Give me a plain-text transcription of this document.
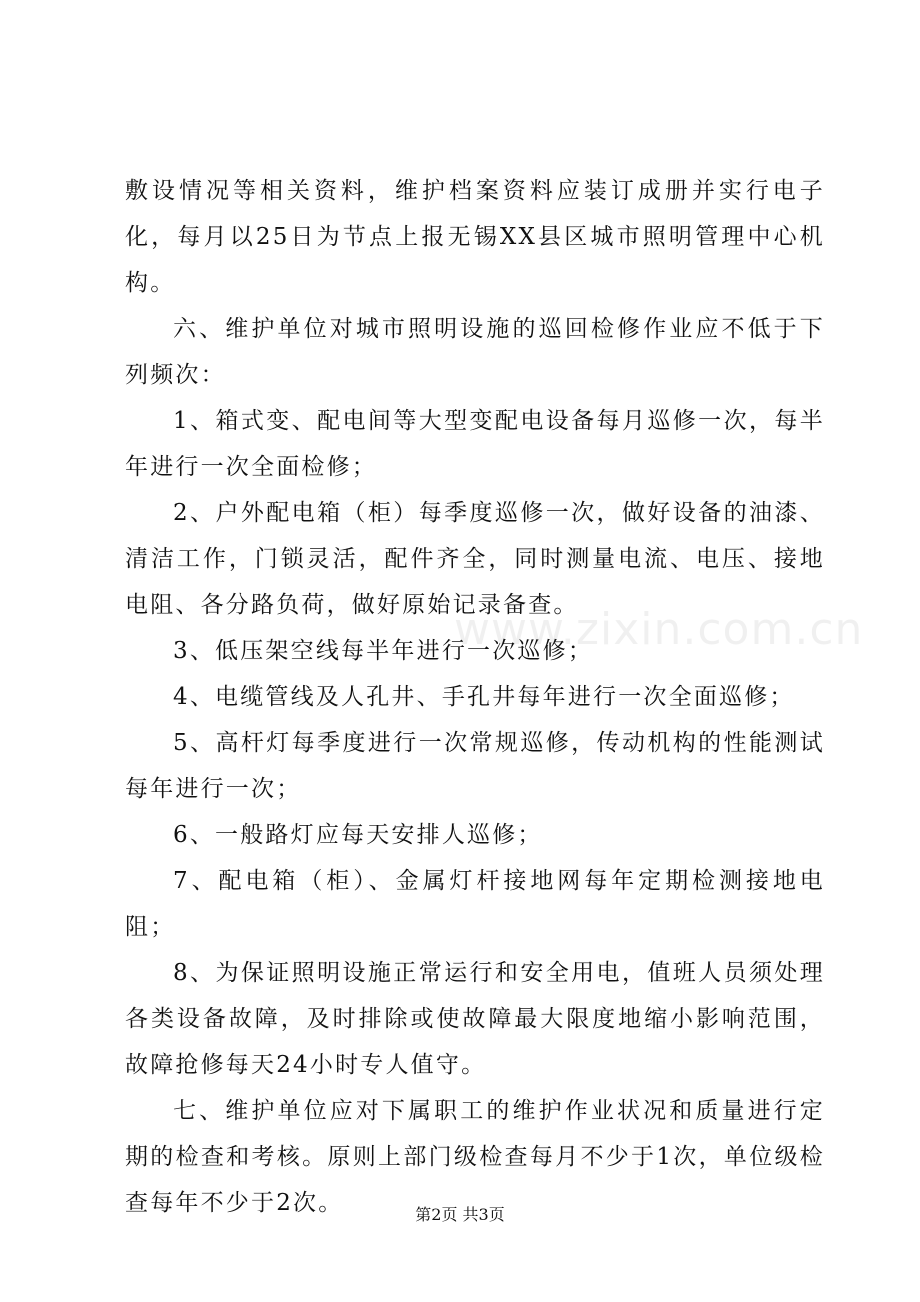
敷设情况等相关资料，维护档案资料应装订成册并实行电子化，每月以25日为节点上报无锡XX县区城市照明管理中心机构。

六、维护单位对城市照明设施的巡回检修作业应不低于下列频次：

1、箱式变、配电间等大型变配电设备每月巡修一次，每半年进行一次全面检修；

2、户外配电箱（柜）每季度巡修一次，做好设备的油漆、清洁工作，门锁灵活，配件齐全，同时测量电流、电压、接地电阻、各分路负荷，做好原始记录备查。

3、低压架空线每半年进行一次巡修；

4、电缆管线及人孔井、手孔井每年进行一次全面巡修；

5、高杆灯每季度进行一次常规巡修，传动机构的性能测试每年进行一次；

6、一般路灯应每天安排人巡修；

7、配电箱（柜）、金属灯杆接地网每年定期检测接地电阻；

8、为保证照明设施正常运行和安全用电，值班人员须处理各类设备故障，及时排除或使故障最大限度地缩小影响范围，故障抢修每天24小时专人值守。

七、维护单位应对下属职工的维护作业状况和质量进行定期的检查和考核。原则上部门级检查每月不少于1次，单位级检查每年不少于2次。

www.zixin.com.cn
第2页 共3页
